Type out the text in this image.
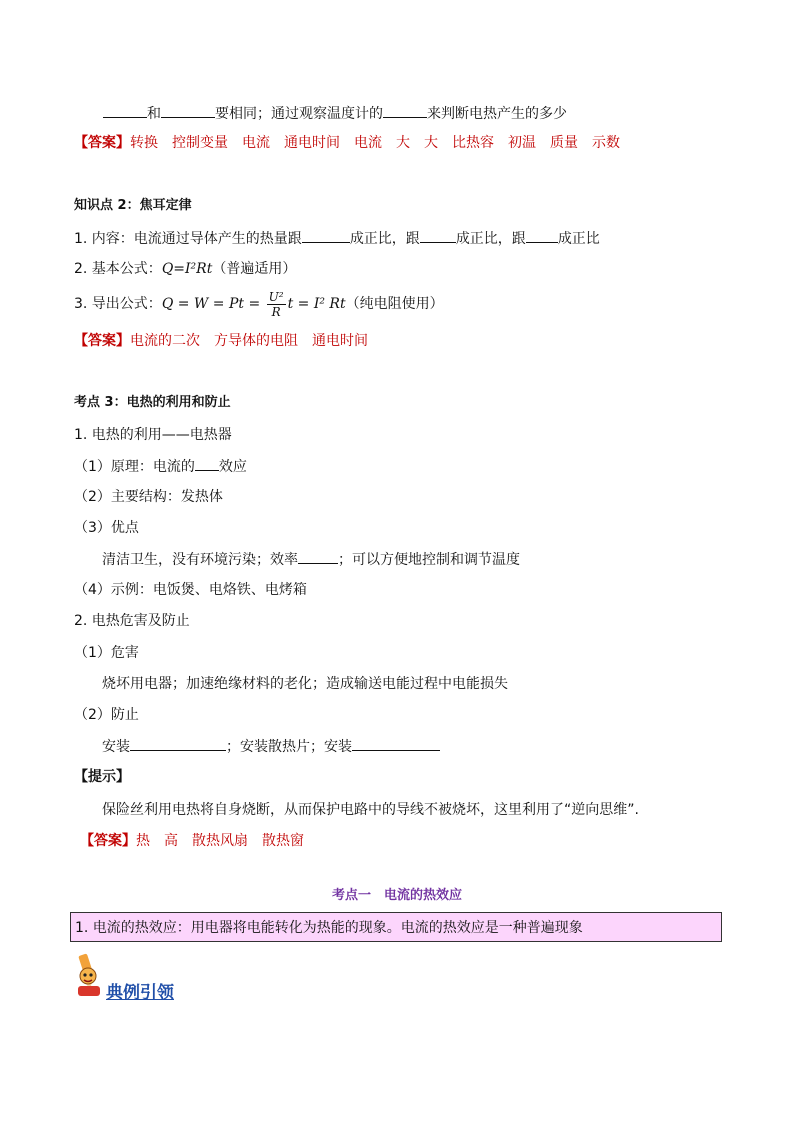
和	要相同；通过观察温度计的	来判断电热产生的多少
【答案】转换　控制变量　电流　通电时间　电流　大　大　比热容　初温　质量　示数
知识点 2：焦耳定律
1. 内容：电流通过导体产生的热量跟	成正比，跟	成正比，跟 成正比
2. 基本公式：Q=I²Rt（普遍适用）
3. 导出公式：$Q = W = Pt = \frac{\text{U²}}{R}$ t = I² Rt（纯电阻使用）
【答案】电流的二次　方导体的电阻　通电时间
考点 3：电热的利用和防止
1. 电热的利用——电热器
（1）原理：电流的 效应
（2）主要结构：发热体
（3）优点
清洁卫生，没有环境污染；效率	；可以方便地控制和调节温度
（4）示例：电饭煲、电烙铁、电烤箱
2. 电热危害及防止
（1）危害
烧坏用电器；加速绝缘材料的老化；造成输送电能过程中电能损失
（2）防止
安装	；安装散热片；安装
【提示】
保险丝利用电热将自身烧断，从而保护电路中的导线不被烧坏，这里利用了“逆向思维”.
【答案】热　高　散热风扇　散热窗
考点一　电流的热效应
1. 电流的热效应：用电器将电能转化为热能的现象。电流的热效应是一种普遍现象
典例引领
